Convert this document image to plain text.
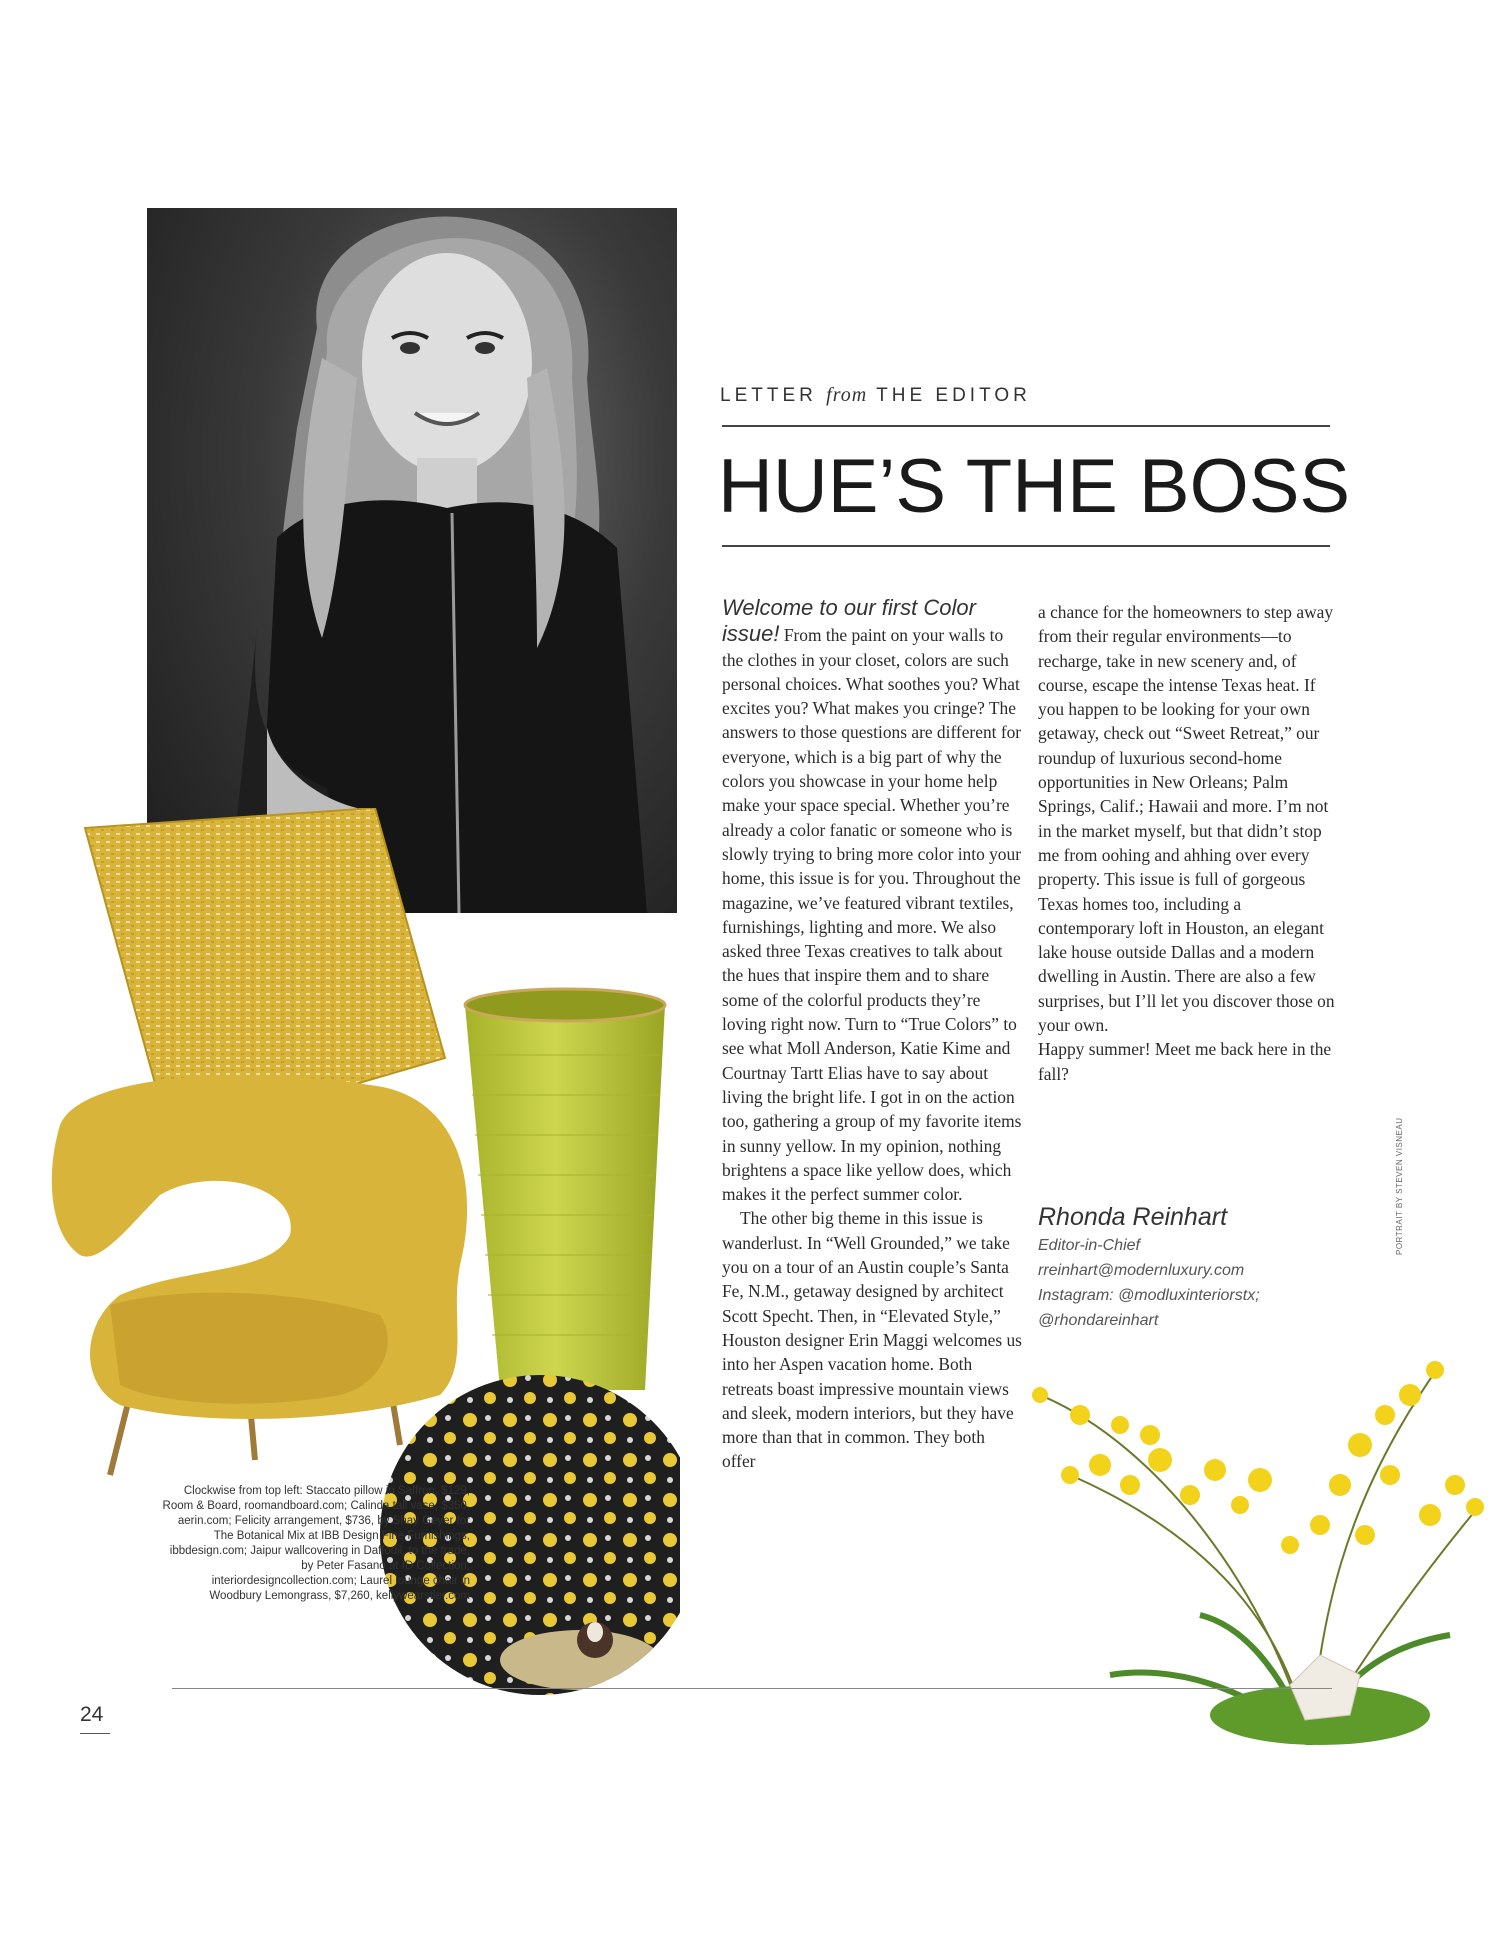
LETTER from THE EDITOR
HUE’S THE BOSS
Welcome to our first Color issue! From the paint on your walls to the clothes in your closet, colors are such personal choices. What soothes you? What excites you? What makes you cringe? The answers to those questions are different for everyone, which is a big part of why the colors you showcase in your home help make your space special. Whether you’re already a color fanatic or someone who is slowly trying to bring more color into your home, this issue is for you. Throughout the magazine, we’ve featured vibrant textiles, furnishings, lighting and more. We also asked three Texas creatives to talk about the hues that inspire them and to share some of the colorful products they’re loving right now. Turn to “True Colors” to see what Moll Anderson, Katie Kime and Courtnay Tartt Elias have to say about living the bright life. I got in on the action too, gathering a group of my favorite items in sunny yellow. In my opinion, nothing brightens a space like yellow does, which makes it the perfect summer color.
The other big theme in this issue is wanderlust. In “Well Grounded,” we take you on a tour of an Austin couple’s Santa Fe, N.M., getaway designed by architect Scott Specht. Then, in “Elevated Style,” Houston designer Erin Maggi welcomes us into her Aspen vacation home. Both retreats boast impressive mountain views and sleek, modern interiors, but they have more than that in common. They both offer
a chance for the homeowners to step away from their regular environments—to recharge, take in new scenery and, of course, escape the intense Texas heat. If you happen to be looking for your own getaway, check out “Sweet Retreat,” our roundup of luxurious second-home opportunities in New Orleans; Palm Springs, Calif.; Hawaii and more. I’m not in the market myself, but that didn’t stop me from oohing and ahhing over every property. This issue is full of gorgeous Texas homes too, including a contemporary loft in Houston, an elegant lake house outside Dallas and a modern dwelling in Austin. There are also a few surprises, but I’ll let you discover those on your own.
Happy summer! Meet me back here in the fall?
Rhonda Reinhart
Editor-in-Chief
rreinhart@modernluxury.com
Instagram: @modluxinteriorstx;
@rhondareinhart
PORTRAIT BY STEVEN VISNEAU
Clockwise from top left: Staccato pillow in Saffron, $129, Room & Board, roomandboard.com; Calinda tall vase, $350, aerin.com; Felicity arrangement, $736, by Shay Geyer for The Botanical Mix at IBB Design Fine Furnishings, ibbdesign.com; Jaipur wallcovering in Daffodil, to the trade, by Peter Fasano at ID Collection, interiordesigncollection.com; Laurel lounge chair in Woodbury Lemongrass, $7,260, kellywearstler.com
24
